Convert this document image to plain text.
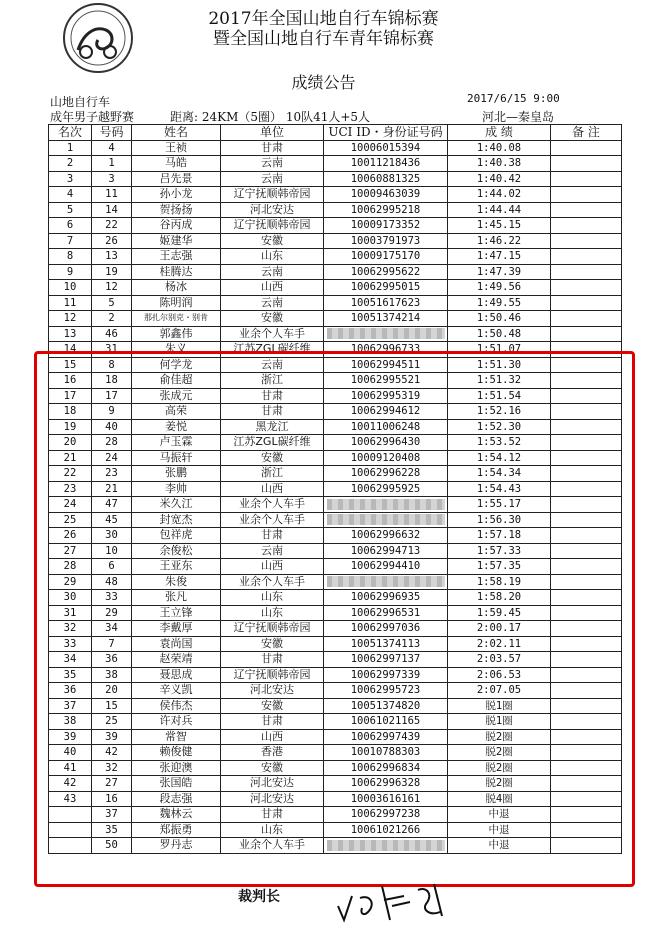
2017年全国山地自行车锦标赛
暨全国山地自行车青年锦标赛
成绩公告
山地自行车	2017/6/15 9:00
成年男子越野赛	距离: 24KM（5圈） 10队41人+5人	河北—秦皇岛
名次	号码	姓名	单位	UCI ID・身份证号码	成 绩	备 注
1	4	王祯	甘肃	10006015394	1:40.08	
2	1	马皓	云南	10011218436	1:40.38	
3	3	吕先景	云南	10060881325	1:40.42	
4	11	孙小龙	辽宁抚顺韩帝园	10009463039	1:44.02	
5	14	贺扬扬	河北安达	10062995218	1:44.44	
6	22	谷丙成	辽宁抚顺韩帝园	10009173352	1:45.15	
7	26	姬建华	安徽	10003791973	1:46.22	
8	13	王志强	山东	10009175170	1:47.15	
9	19	桂腾达	云南	10062995622	1:47.39	
10	12	杨冰	山西	10062995015	1:49.56	
11	5	陈明润	云南	10051617623	1:49.55	
12	2	那扎尔别克・别肯	安徽	10051374214	1:50.46	
13	46	郭鑫伟	业余个人车手		1:50.48	
14	31	朱义	江苏ZGL碳纤维	10062996733	1:51.07	
15	8	何学龙	云南	10062994511	1:51.30	
16	18	俞佳超	浙江	10062995521	1:51.32	
17	17	张成元	甘肃	10062995319	1:51.54	
18	9	高荣	甘肃	10062994612	1:52.16	
19	40	姜悦	黑龙江	10011006248	1:52.30	
20	28	卢玉霖	江苏ZGL碳纤维	10062996430	1:53.52	
21	24	马振轩	安徽	10009120408	1:54.12	
22	23	张鹏	浙江	10062996228	1:54.34	
23	21	李帅	山西	10062995925	1:54.43	
24	47	米久江	业余个人车手		1:55.17	
25	45	封宽杰	业余个人车手		1:56.30	
26	30	包祥虎	甘肃	10062996632	1:57.18	
27	10	余俊松	云南	10062994713	1:57.33	
28	6	王亚东	山西	10062994410	1:57.35	
29	48	朱俊	业余个人车手		1:58.19	
30	33	张凡	山东	10062996935	1:58.20	
31	29	王立锋	山东	10062996531	1:59.45	
32	34	李戴厚	辽宁抚顺韩帝园	10062997036	2:00.17	
33	7	袁尚国	安徽	10051374113	2:02.11	
34	36	赵荣靖	甘肃	10062997137	2:03.57	
35	38	聂思成	辽宁抚顺韩帝园	10062997339	2:06.53	
36	20	辛义凯	河北安达	10062995723	2:07.05	
37	15	侯伟杰	安徽	10051374820	脱1圈	
38	25	许对兵	甘肃	10061021165	脱1圈	
39	39	常智	山西	10062997439	脱2圈	
40	42	赖俊健	香港	10010788303	脱2圈	
41	32	张迎澳	安徽	10062996834	脱2圈	
42	27	张国皓	河北安达	10062996328	脱2圈	
43	16	段志强	河北安达	10003616161	脱4圈	
	37	魏林云	甘肃	10062997238	中退	
	35	郑振勇	山东	10061021266	中退	
	50	罗丹志	业余个人车手		中退	
裁判长
